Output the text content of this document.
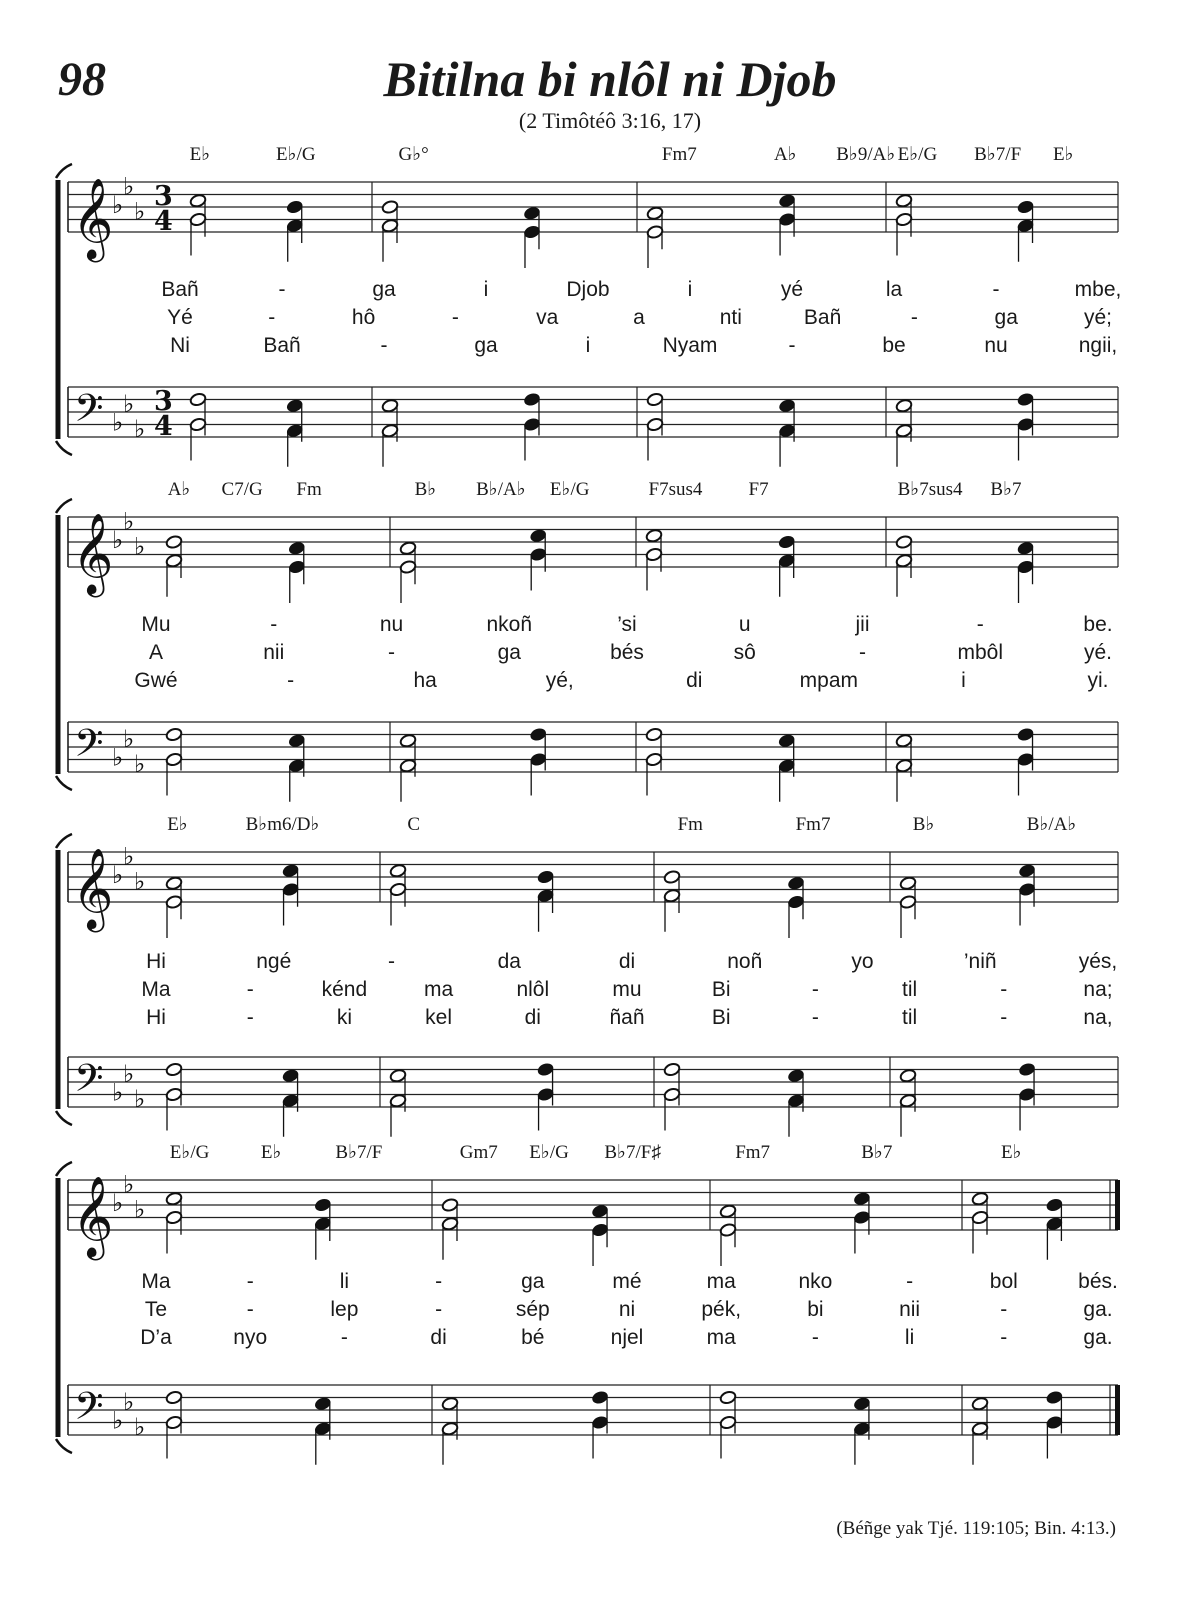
98	Bitilna bi nlôl ni Djob
(2 Timôtéô 3:16, 17)
𝄞
𝄢
♭
♭
♭
♭
♭
♭
3
4
3
4
E♭	E♭/G	G♭°	Fm7	A♭ B♭9/A♭ E♭/G B♭7/F E♭
Bañ	-	ga	i	Djob	i	yé	la	-	mbe,
Yé	-	hô	-	va	a	nti	Bañ	-	ga	yé;
Ni	Bañ	-	ga	i	Nyam	-	be	nu	ngii,
𝄞
𝄢
♭
♭
♭
♭
♭
♭
A♭ C7/G Fm	B♭ B♭/A♭ E♭/G	F7sus4 F7	B♭7sus4 B♭7
Mu	-	nu	nkoñ	’si	u	jii	-	be.
A	nii	-	ga	bés	sô	-	mbôl	yé.
Gwé	-	ha	yé,	di	mpam	i	yi.
𝄞
𝄢
♭
♭
♭
♭
♭
♭
E♭	B♭m6/D♭	C	Fm	Fm7	B♭	B♭/A♭
Hi	ngé	-	da	di	noñ	yo	’niñ	yés,
Ma	-	kénd	ma	nlôl	mu	Bi	-	til	-	na;
Hi	-	ki	kel	di	ñañ	Bi	-	til	-	na,
𝄞
𝄢
♭
♭
♭
♭
♭
♭
E♭/G	E♭	B♭7/F	Gm7 E♭/G B♭7/F♯	Fm7	B♭7	E♭
Ma	-	li	-	ga	mé	ma	nko	-	bol	bés.
Te	-	lep	-	sép	ni	pék,	bi	nii	-	ga.
D’a	nyo	-	di	bé	njel	ma	-	li	-	ga.
(Béñge yak Tjé. 119:105; Bin. 4:13.)
